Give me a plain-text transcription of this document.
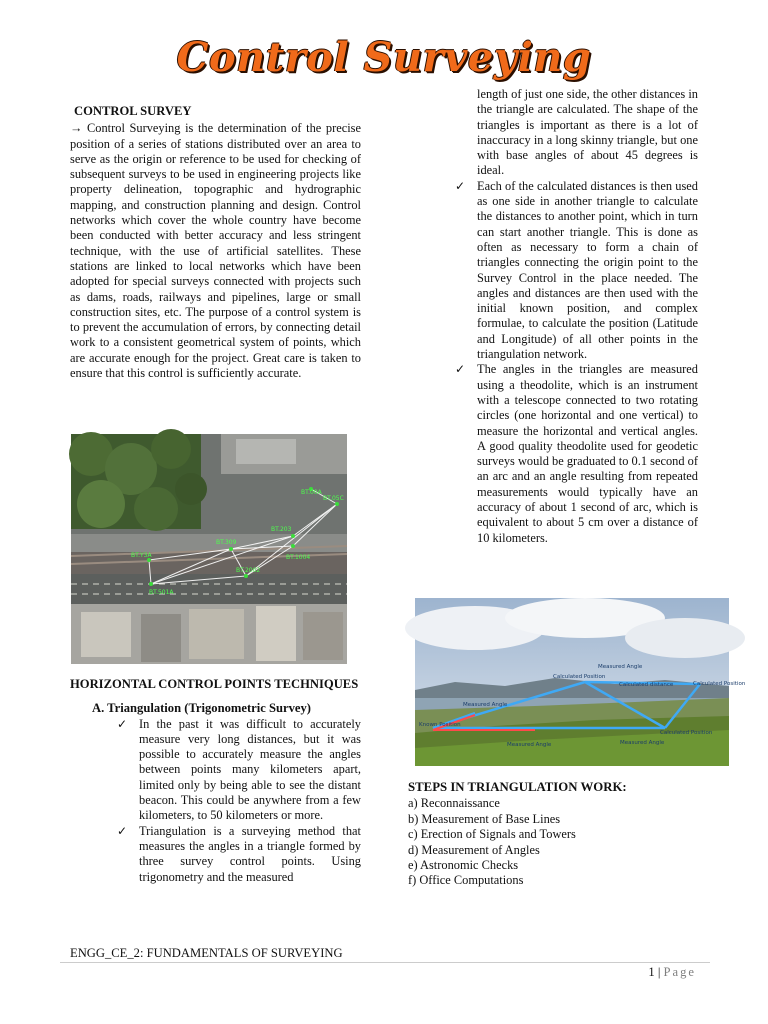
Control Surveying

CONTROL SURVEY

→ Control Surveying is the determination of the precise position of a series of stations distributed over an area to serve as the origin or reference to be used for checking of subsequent surveys to be used in engineering projects like property delineation, topographic and hydrographic mapping, and construction planning and design. Control networks which cover the whole country have become been conducted with better accuracy and less stringent technique, with the use of artificial satellites. These stations are linked to local networks which have been adopted for special surveys connected with projects such as dams, roads, railways and pipelines, large or small construction sites, etc. The purpose of a control system is to prevent the accumulation of errors, by connecting detail work to a consistent geometrical system of points, which are accurate enough for the project. Great care is taken to ensure that this control is sufficiently accurate.

BT.Y3A
BT.309
BT.00A
BT.203
BT.05C
BT.1004
BT.2002
BT.501A

HORIZONTAL CONTROL POINTS TECHNIQUES

A. Triangulation (Trigonometric Survey)

✓ In the past it was difficult to accurately measure very long distances, but it was possible to accurately measure the angles between points many kilometers apart, limited only by being able to see the distant beacon. This could be anywhere from a few kilometers, to 50 kilometers or more.

✓ Triangulation is a surveying method that measures the angles in a triangle formed by three survey control points. Using trigonometry and the measured

length of just one side, the other distances in the triangle are calculated. The shape of the triangles is important as there is a lot of inaccuracy in a long skinny triangle, but one with base angles of about 45 degrees is ideal.

✓ Each of the calculated distances is then used as one side in another triangle to calculate the distances to another point, which in turn can start another triangle. This is done as often as necessary to form a chain of triangles connecting the origin point to the Survey Control in the place needed. The angles and distances are then used with the initial known position, and complex formulae, to calculate the position (Latitude and Longitude) of all other points in the triangulation network.

✓ The angles in the triangles are measured using a theodolite, which is an instrument with a telescope connected to two rotating circles (one horizontal and one vertical) to measure the horizontal and vertical angles. A good quality theodolite used for geodetic surveys would be graduated to 0.1 second of an arc and an angle resulting from repeated measurements would typically have an accuracy of about 1 second of arc, which is equivalent to about 5 cm over a distance of 10 kilometers.

Measured Angle
Calculated Position
Calculated distance	Calculated Position
Measured Angle
Calculated Position
Known Position
Measured Angle	Measured Angle

STEPS IN TRIANGULATION WORK:

a) Reconnaissance

b) Measurement of Base Lines

c) Erection of Signals and Towers

d) Measurement of Angles

e) Astronomic Checks

f) Office Computations

ENGG_CE_2: FUNDAMENTALS OF SURVEYING
1 | Page
